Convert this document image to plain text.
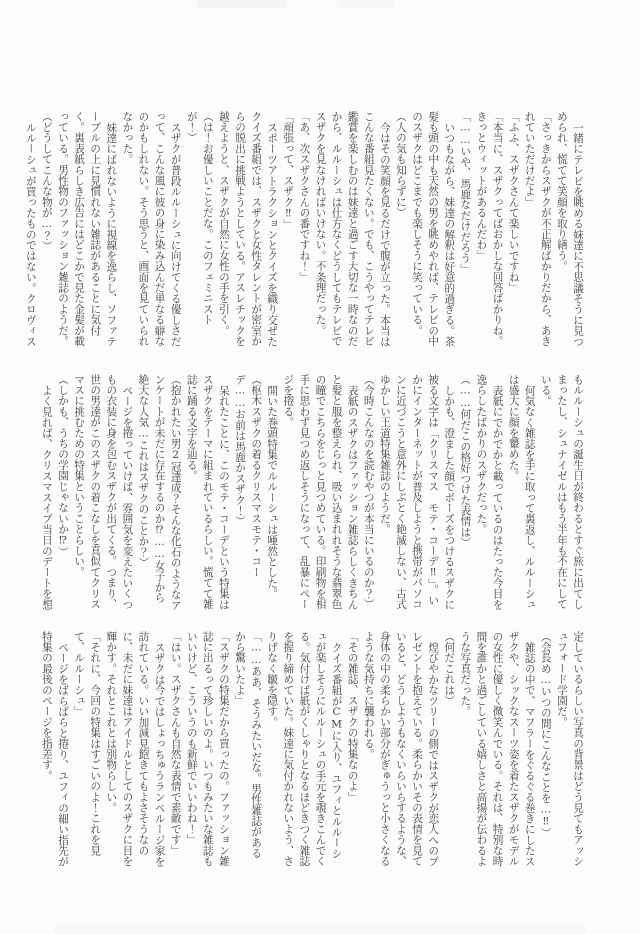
一緒にテレビを眺める妹達に不思議そうに見つめられ、慌てて笑顔を取り繕う。

「さっきからスザクが不正解ばかりだから、あきれていただけだよ」

「ふふ、スザクさんて楽しいですね」

「本当に、スザクってばおかしな回答ばかりね。きっとウィットがあるんだわ」

「……いや、馬鹿なだけだろう」

いつもながら、妹達の解釈は好意的過ぎる。茶髪も頭の中も天然の男を眺めやれば、テレビの中のスザクはどこまでも楽しそうに笑っている。

（人の気も知らずに）

今はその笑顔を見るだけで腹が立った。本当はこんな番組見たくない。でも、こうやってテレビ鑑賞を楽しむのは妹達と過ごす大切な一時なのだから、ルルーシュは仕方なくどうしてもテレビでスザクを見なければいけない。不条理だった。

「あ、次スザクさんの番ですね！」

「頑張って、スザク‼」

スポーツアトラクションとクイズを織り交ぜたクイズ番組では、スザクと女性タレントが密室からの脱出に挑戦ようとしている。アスレチックを越えようと、スザクが自然に女性の手を引く。

（は！お優しいことだな。このフェミニストが！）

スザクが普段ルルーシュに向けてくる優しさだって、こんな風に彼の身に染み込んだ単なる癖なのかもしれない。そう思うと、画面を見ていられなかった。

妹達にばれないように視線を逸らし、ソファテーブルの上に見慣れない雑誌があることに気付く。裏表紙らしき広告にはどこかで見た金髪が載っている。男性物のファッション雑誌のようだ。

（どうしてこんな物が…？）

ルルーシュが買ったものではない。クロヴィス

もルルーシュの誕生日が終わるとすぐ旅に出てしまったし、シュナイゼルはもう半年も不在にしている。

何気なく雑誌を手に取って裏返し、ルルーシュは盛大に顔を顰めた。

表紙にでかでかと載っているのはたった今目を逸らしたばかりのスザクだった。

（……何だこの格好つけた表情は）

しかも、澄ました顔でポーズをつけるスザクに被る文字は「クリスマス　モテ・コーデ‼」。いかにインターネットが普及しようと携帯がパソコンに近づこうと意外にしぶとく絶滅しない、古式ゆかしい王道特集雑誌のようだ。

（今時こんなのを読むやつが本当にいるのか？）

表紙のスザクはファッション雑誌らしくきちんと髪と服を整えられ、吸い込まれれそうな翡翠色の瞳でこちらをじっと見つめている。印刷物を相手に思わず見つめ返しそうになって、乱暴にページを捲る。

開いた巻頭特集でルルーシュは唖然とした。

（枢木スザクの着るクリスマスモテ・コーデ……お前は馬鹿かスザク！）

呆れたことに、このモテ・コーデという特集はスザクをテーマに組まれているらしい。慌てて雑誌に踊る文字を辿る。

（抱かれたい男2冠達成？そんな化石のようなアンケートが未だに存在するのか⁉……女子から絶大な人気…これはスザクのことか？）

ページを捲っていけば、雰囲気を変えたいくつもの衣装に身を包むスザクが出てくる。つまり、世の男達がこのスザクの着こなしを真似てクリスマスに挑むための特集ということらしい。

（しかも、うちの学園じゃないか⁉）

よく見れば、クリスマスイブ当日のデートを想

定しているらしい写真の背景はどう見てもアッシュフォード学園だ。

（会長め…いつの間にこんなことを…‼）

雑誌の中で、マフラーをぐるぐる巻きにしたスザクや、シックなスーツ姿を着たスザクがモデルの女性に優しく微笑んでいる。それは、特別な時間を誰かと過ごしている嬉しさと高揚が伝わるような写真だった。

（何だこれは）

煌びやかなツリーの側ではスザクが恋人へのプレゼントを抱えている。柔らかいその表情を見ていると、どうしようもなくいらいらするような、身体の中の柔らかい部分がぎゅうっと小さくなるような気持ちに襲われる。

「その雑誌、スザクの特集なのよ」

クイズ番組がCMに入り、ユフィとルルーシュが楽しそうにルルーシュの手元を覗きこんでくる。気付けば紙がくしゃりとなるほどきつく雑誌を握り締めていた。妹達に気付かれないよう、さりげなく皺を隠す。

「……ああ、そうみたいだな。男性雑誌があるから驚いたよ」

「スザクの特集だから買ったの。ファッション雑誌に出るって珍しいのよ。いつもみたいな雑誌もいいけど、こういうのも新鮮でいいわね！」

「はい。スザクさんも自然な表情で素敵です」

スザクは今ではしょっちゅうランペルージ家を訪れている。いい加減見飽きてもよさそうなのに、未だに妹達はアイドルとしてのスザクに目を輝かす。それとこれとは別物らしい。

「それに、今回の特集はすごいのよ！これを見て、ルルーシュ」

ページをばらばらと捲り、ユフィの細い指先が特集の最後のページを指差す。
